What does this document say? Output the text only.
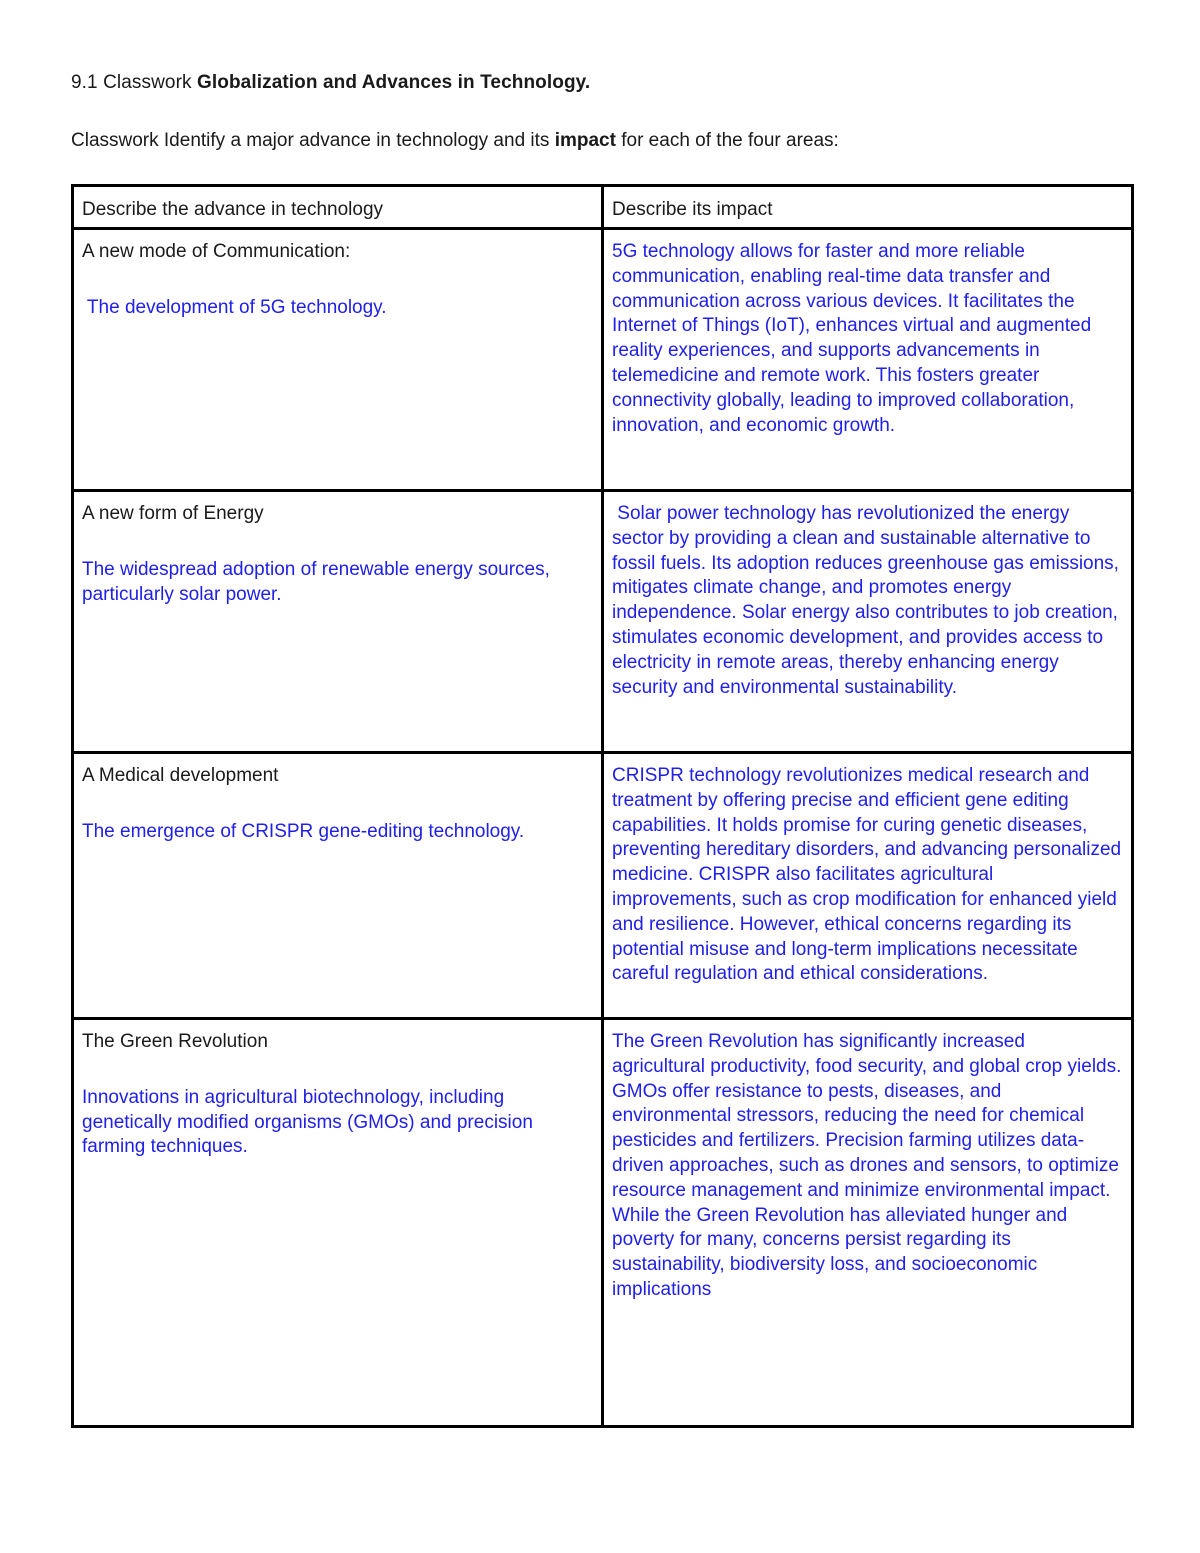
9.1 Classwork Globalization and Advances in Technology.
Classwork Identify a major advance in technology and its impact for each of the four areas:
Describe the advance in technology	Describe its impact

A new mode of Communication:
The development of 5G technology.	5G technology allows for faster and more reliable communication, enabling real-time data transfer and communication across various devices. It facilitates the Internet of Things (IoT), enhances virtual and augmented reality experiences, and supports advancements in telemedicine and remote work. This fosters greater connectivity globally, leading to improved collaboration, innovation, and economic growth.

A new form of Energy
The widespread adoption of renewable energy sources, particularly solar power.	Solar power technology has revolutionized the energy sector by providing a clean and sustainable alternative to fossil fuels. Its adoption reduces greenhouse gas emissions, mitigates climate change, and promotes energy independence. Solar energy also contributes to job creation, stimulates economic development, and provides access to electricity in remote areas, thereby enhancing energy security and environmental sustainability.

A Medical development
The emergence of CRISPR gene-editing technology.	CRISPR technology revolutionizes medical research and treatment by offering precise and efficient gene editing capabilities. It holds promise for curing genetic diseases, preventing hereditary disorders, and advancing personalized medicine. CRISPR also facilitates agricultural improvements, such as crop modification for enhanced yield and resilience. However, ethical concerns regarding its potential misuse and long-term implications necessitate careful regulation and ethical considerations.

The Green Revolution
Innovations in agricultural biotechnology, including genetically modified organisms (GMOs) and precision farming techniques.	The Green Revolution has significantly increased agricultural productivity, food security, and global crop yields. GMOs offer resistance to pests, diseases, and environmental stressors, reducing the need for chemical pesticides and fertilizers. Precision farming utilizes data-driven approaches, such as drones and sensors, to optimize resource management and minimize environmental impact. While the Green Revolution has alleviated hunger and poverty for many, concerns persist regarding its sustainability, biodiversity loss, and socioeconomic implications
